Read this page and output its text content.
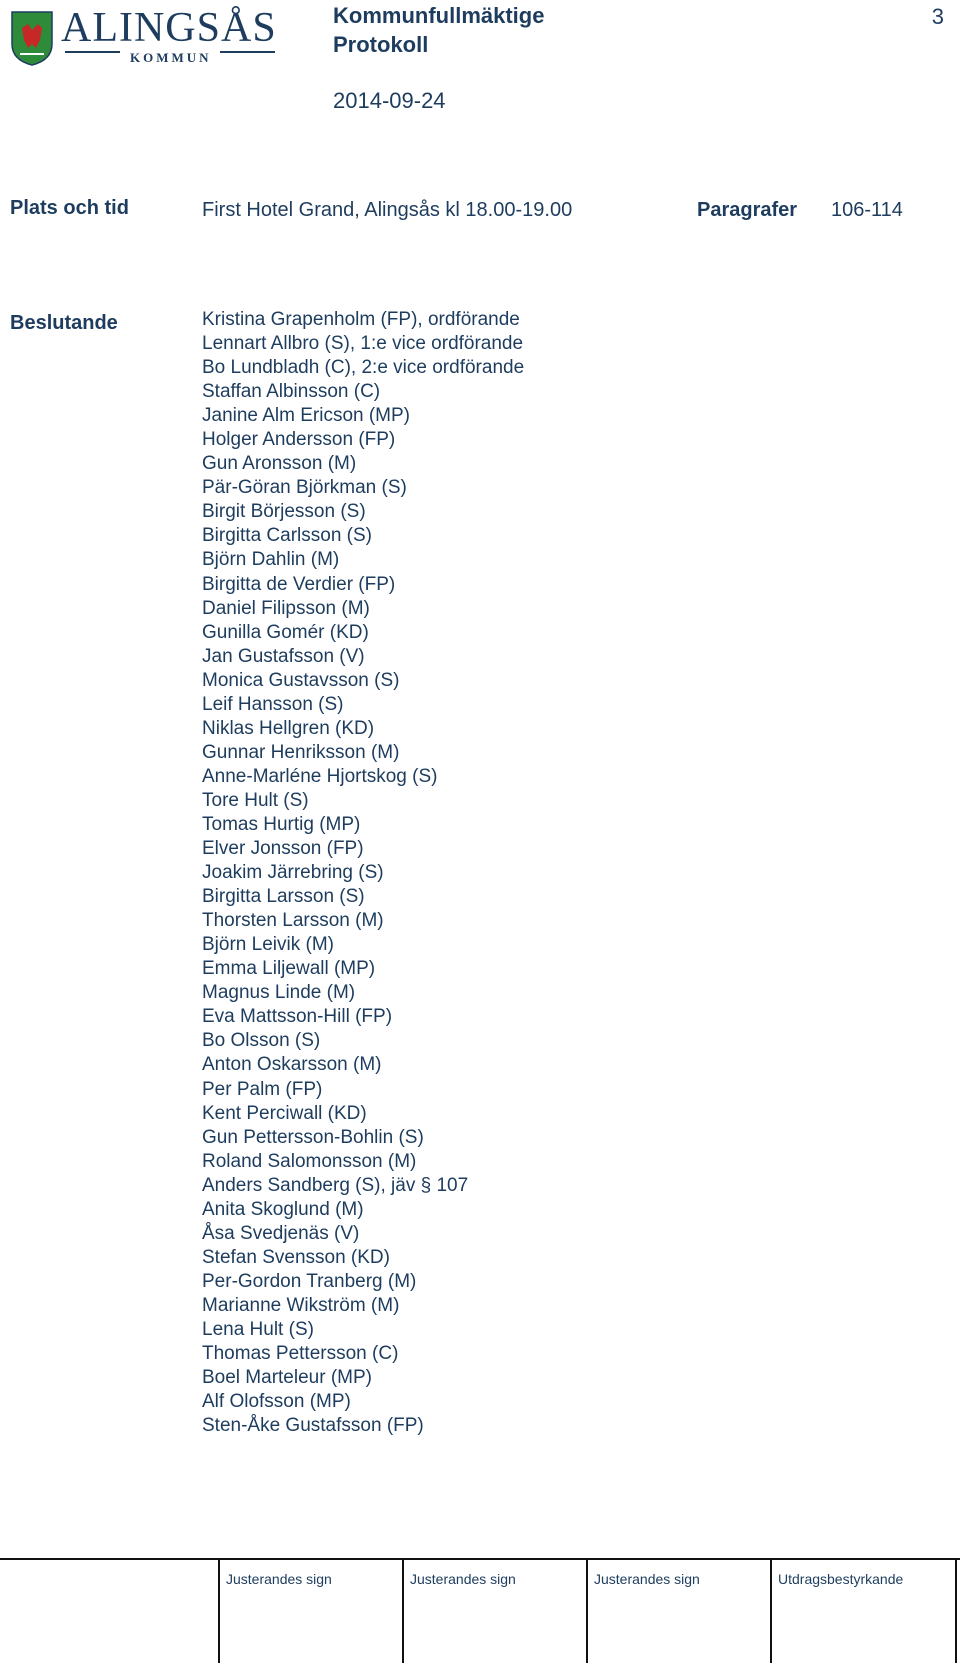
ALINGSÅS
KOMMUN
Kommunfullmäktige
Protokoll
2014-09-24
3
Plats och tid	First Hotel Grand, Alingsås kl 18.00-19.00	Paragrafer 106-114
Beslutande	Kristina Grapenholm (FP), ordförande
Lennart Allbro (S), 1:e vice ordförande
Bo Lundbladh (C), 2:e vice ordförande
Staffan Albinsson (C)
Janine Alm Ericson (MP)
Holger Andersson (FP)
Gun Aronsson (M)
Pär-Göran Björkman (S)
Birgit Börjesson (S)
Birgitta Carlsson (S)
Björn Dahlin (M)
Birgitta de Verdier (FP)
Daniel Filipsson (M)
Gunilla Gomér (KD)
Jan Gustafsson (V)
Monica Gustavsson (S)
Leif Hansson (S)
Niklas Hellgren (KD)
Gunnar Henriksson (M)
Anne-Marléne Hjortskog (S)
Tore Hult (S)
Tomas Hurtig (MP)
Elver Jonsson (FP)
Joakim Järrebring (S)
Birgitta Larsson (S)
Thorsten Larsson (M)
Björn Leivik (M)
Emma Liljewall (MP)
Magnus Linde (M)
Eva Mattsson-Hill (FP)
Bo Olsson (S)
Anton Oskarsson (M)
Per Palm (FP)
Kent Perciwall (KD)
Gun Pettersson-Bohlin (S)
Roland Salomonsson (M)
Anders Sandberg (S), jäv § 107
Anita Skoglund (M)
Åsa Svedjenäs (V)
Stefan Svensson (KD)
Per-Gordon Tranberg (M)
Marianne Wikström (M)
Lena Hult (S)
Thomas Pettersson (C)
Boel Marteleur (MP)
Alf Olofsson (MP)
Sten-Åke Gustafsson (FP)
Justerandes sign	Justerandes sign	Justerandes sign	Utdragsbestyrkande
